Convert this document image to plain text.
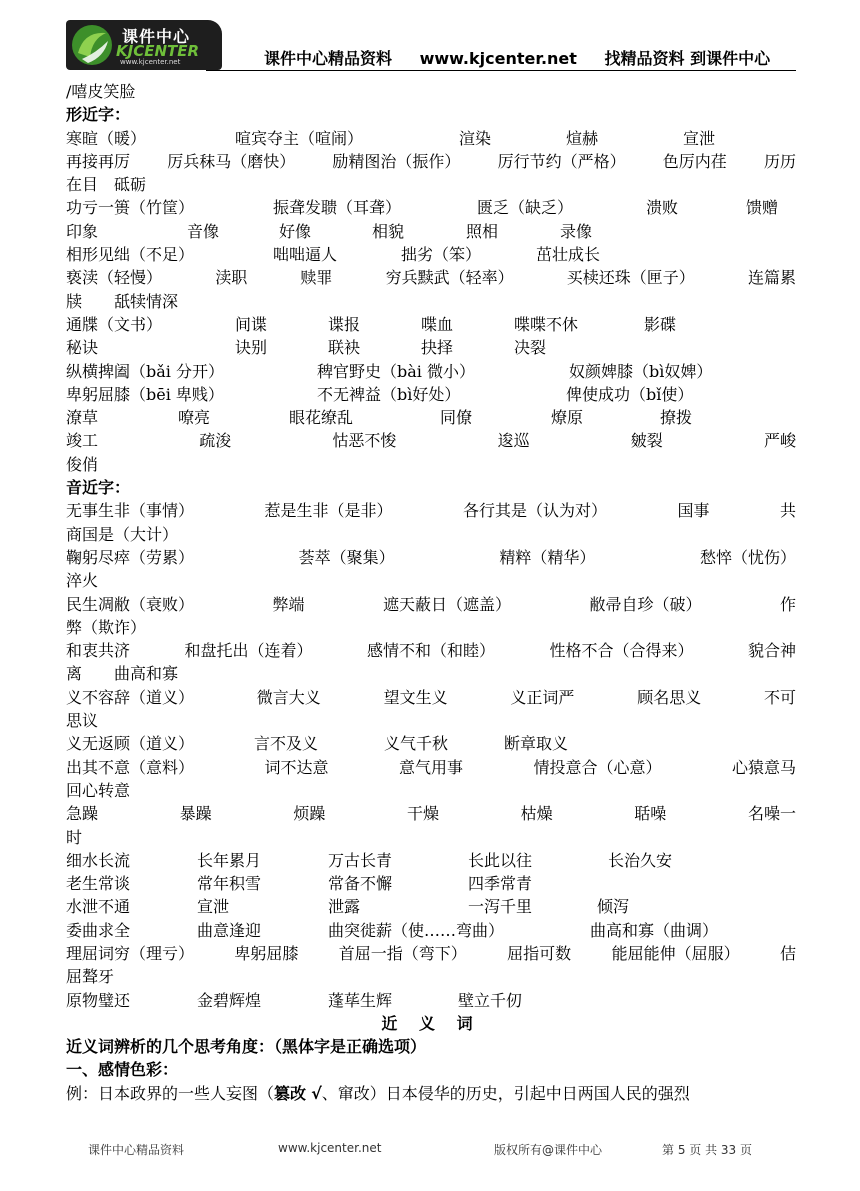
课件中心
KJCENTER
www.kjcenter.net	课件中心精品资料 www.kjcenter.net 找精品资料 到课件中心
/嘻皮笑脸
形近字：
寒暄（暖）	喧宾夺主（喧闹）	渲染	煊赫	宣泄
再接再厉 厉兵秣马（磨快） 励精图治（振作） 厉行节约（严格） 色厉内荏 历历
在目　砥砺
功亏一篑（竹筐）	振聋发聩（耳聋）	匮乏（缺乏）	溃败	馈赠
印象	音像	好像	相貌	照相	录像
相形见绌（不足）	咄咄逼人	拙劣（笨）	茁壮成长
亵渎（轻慢）	渎职	赎罪	穷兵黩武（轻率）	买椟还珠（匣子）	连篇累
牍　　舐犊情深
通牒（文书）	间谍	谍报	喋血	喋喋不休	影碟
秘诀	诀别	联袂	抉择	决裂
纵横捭阖（bǎi 分开）	稗官野史（bài 微小）	奴颜婢膝（bì奴婢）
卑躬屈膝（bēi 卑贱）	不无裨益（bì好处）	俾使成功（bǐ使）
潦草	嘹亮	眼花缭乱	同僚	燎原	撩拨
竣工	疏浚	怙恶不悛	逡巡	皴裂	严峻
俊俏
音近字：
无事生非（事情）	惹是生非（是非）	各行其是（认为对）	国事	共
商国是（大计）
鞠躬尽瘁（劳累）	荟萃（聚集）	精粹（精华）	愁悴（忧伤）
淬火
民生凋敝（衰败）	弊端	遮天蔽日（遮盖）	敝帚自珍（破）	作
弊（欺诈）
和衷共济	和盘托出（连着）	感情不和（和睦）	性格不合（合得来）	貌合神
离　　曲高和寡
义不容辞（道义）	微言大义	望文生义	义正词严	顾名思义	不可
思议
义无返顾（道义）	言不及义	义气千秋	断章取义
出其不意（意料）	词不达意	意气用事	情投意合（心意）	心猿意马
回心转意
急躁	暴躁	烦躁	干燥	枯燥	聒噪	名噪一
时
细水长流	长年累月	万古长青	长此以往	长治久安
老生常谈	常年积雪	常备不懈	四季常青
水泄不通	宣泄	泄露	一泻千里	倾泻
委曲求全	曲意逢迎	曲突徙薪（使……弯曲）	曲高和寡（曲调）
理屈词穷（理亏）	卑躬屈膝	首屈一指（弯下）	屈指可数	能屈能伸（屈服）	佶
屈聱牙
原物璧还	金碧辉煌	蓬荜生辉	壁立千仞
近 义 词
近义词辨析的几个思考角度：（黑体字是正确选项）
一、感情色彩：
例：日本政界的一些人妄图（篡改 √、窜改）日本侵华的历史，引起中日两国人民的强烈
课件中心精品资料	www.kjcenter.net	版权所有@课件中心	第 5 页 共 33 页
